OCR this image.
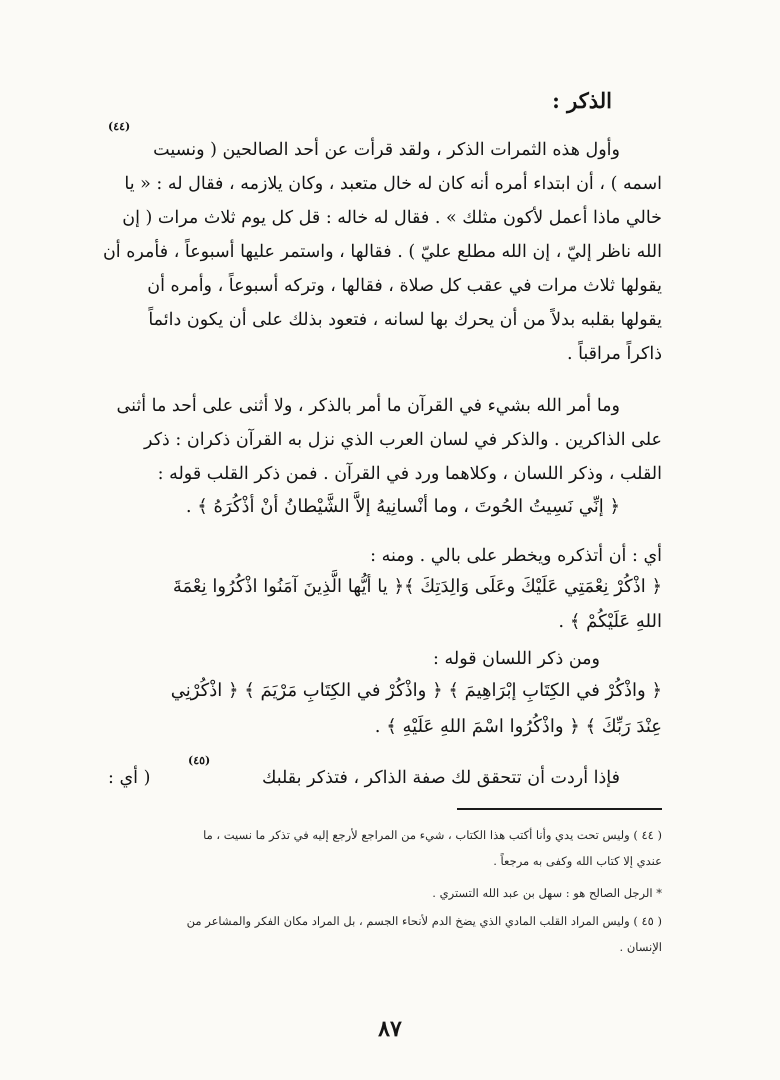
الذكر :
(٤٤)
وأول هذه الثمرات الذكر ، ولقد قرأت عن أحد الصالحين ( ونسيت
اسمه ) ، أن ابتداء أمره أنه كان له خال متعبد ، وكان يلازمه ، فقال له : « يا
خالي ماذا أعمل لأكون مثلك » . فقال له خاله : قل كل يوم ثلاث مرات ( إن
الله ناظر إليّ ، إن الله مطلع عليّ ) . فقالها ، واستمر عليها أسبوعاً ، فأمره أن
يقولها ثلاث مرات في عقب كل صلاة ، فقالها ، وتركه أسبوعاً ، وأمره أن
يقولها بقلبه بدلاً من أن يحرك بها لسانه ، فتعود بذلك على أن يكون دائماً
ذاكراً مراقباً .
وما أمر الله بشيء في القرآن ما أمر بالذكر ، ولا أثنى على أحد ما أثنى
على الذاكرين . والذكر في لسان العرب الذي نزل به القرآن ذكران : ذكر
القلب ، وذكر اللسان ، وكلاهما ورد في القرآن . فمن ذكر القلب قوله :
﴿ إنِّي نَسِيتُ الحُوتَ ، وما أنْسانِيهُ إلاَّ الشَّيْطانُ أنْ أذْكُرَهُ ﴾ .
أي : أن أتذكره ويخطر على بالي . ومنه :
﴿ اذْكُرْ نِعْمَتِي عَلَيْكَ وعَلَى وَالِدَتِكَ ﴾﴿ يا أيُّها الَّذِينَ آمَنُوا اذْكُرُوا نِعْمَةَ
اللهِ عَلَيْكُمْ ﴾ .
ومن ذكر اللسان قوله :
﴿ واذْكُرْ في الكِتَابِ إبْرَاهِيمَ ﴾ ﴿ واذْكُرْ في الكِتَابِ مَرْيَمَ ﴾ ﴿ اذْكُرْنِي
عِنْدَ رَبِّكَ ﴾ ﴿ واذْكُرُوا اسْمَ اللهِ عَلَيْهِ ﴾ .
فإذا أردت أن تتحقق لك صفة الذاكر ، فتذكر بقلبك
(٤٥)
( أي :
( ٤٤ ) وليس تحت يدي وأنا أكتب هذا الكتاب ، شيء من المراجع لأرجع إليه في تذكر ما نسيت ، ما
عندي إلا كتاب الله وكفى به مرجعاً .
* الرجل الصالح هو : سهل بن عبد الله التستري .
( ٤٥ ) وليس المراد القلب المادي الذي يضخ الدم لأنحاء الجسم ، بل المراد مكان الفكر والمشاعر من
الإنسان .
٨٧
